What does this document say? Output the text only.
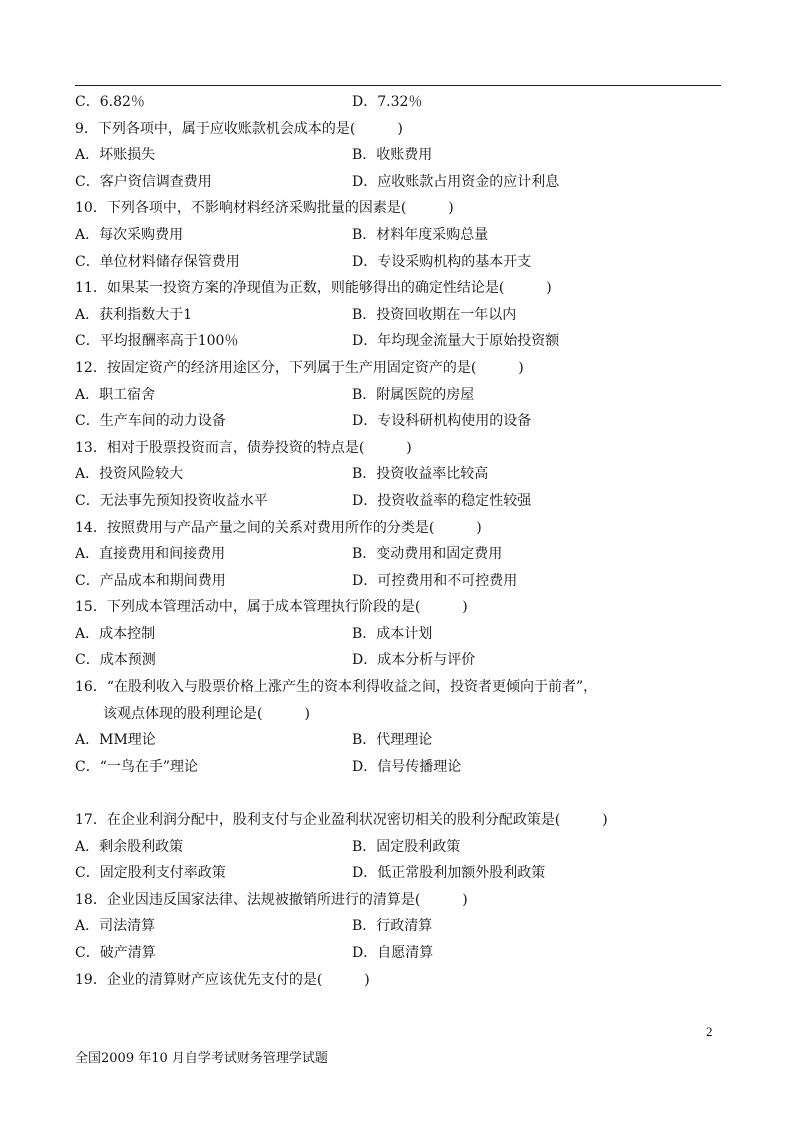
C．6.82％	D．7.32％
9．下列各项中，属于应收账款机会成本的是(　　　)
A．坏账损失	B．收账费用
C．客户资信调查费用	D．应收账款占用资金的应计利息
10．下列各项中，不影响材料经济采购批量的因素是(　　　)
A．每次采购费用	B．材料年度采购总量
C．单位材料储存保管费用	D．专设采购机构的基本开支
11．如果某一投资方案的净现值为正数，则能够得出的确定性结论是(　　　)
A．获利指数大于1	B．投资回收期在一年以内
C．平均报酬率高于100％	D．年均现金流量大于原始投资额
12．按固定资产的经济用途区分，下列属于生产用固定资产的是(　　　)
A．职工宿舍	B．附属医院的房屋
C．生产车间的动力设备	D．专设科研机构使用的设备
13．相对于股票投资而言，债券投资的特点是(　　　)
A．投资风险较大	B．投资收益率比较高
C．无法事先预知投资收益水平	D．投资收益率的稳定性较强
14．按照费用与产品产量之间的关系对费用所作的分类是(　　　)
A．直接费用和间接费用	B．变动费用和固定费用
C．产品成本和期间费用	D．可控费用和不可控费用
15．下列成本管理活动中，属于成本管理执行阶段的是(　　　)
A．成本控制	B．成本计划
C．成本预测	D．成本分析与评价
16．“在股利收入与股票价格上涨产生的资本利得收益之间，投资者更倾向于前者”，
该观点体现的股利理论是(　　　)
A．MM理论	B．代理理论
C．“一鸟在手”理论	D．信号传播理论
17．在企业利润分配中，股利支付与企业盈利状况密切相关的股利分配政策是(　　　)
A．剩余股利政策	B．固定股利政策
C．固定股利支付率政策	D．低正常股利加额外股利政策
18．企业因违反国家法律、法规被撤销所进行的清算是(　　　)
A．司法清算	B．行政清算
C．破产清算	D．自愿清算
19．企业的清算财产应该优先支付的是(　　　)
2
全国2009 年10 月自学考试财务管理学试题
